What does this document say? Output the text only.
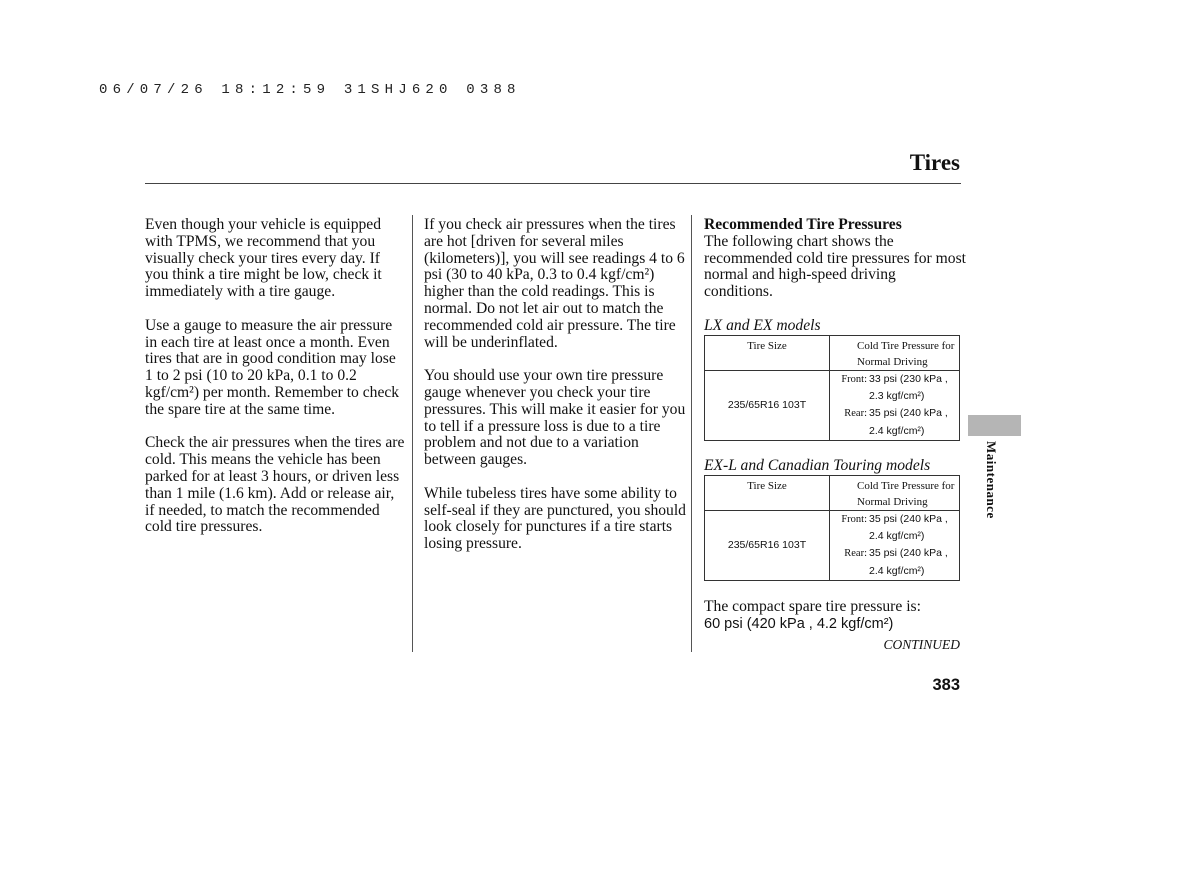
06/07/26 18:12:59 31SHJ620 0388
Tires

Even though your vehicle is equipped with TPMS, we recommend that you visually check your tires every day. If you think a tire might be low, check it immediately with a tire gauge.

Use a gauge to measure the air pressure in each tire at least once a month. Even tires that are in good condition may lose 1 to 2 psi (10 to 20 kPa, 0.1 to 0.2 kgf/cm²) per month. Remember to check the spare tire at the same time.

Check the air pressures when the tires are cold. This means the vehicle has been parked for at least 3 hours, or driven less than 1 mile (1.6 km). Add or release air, if needed, to match the recommended cold tire pressures.

If you check air pressures when the tires are hot [driven for several miles (kilometers)], you will see readings 4 to 6 psi (30 to 40 kPa, 0.3 to 0.4 kgf/cm²) higher than the cold readings. This is normal. Do not let air out to match the recommended cold air pressure. The tire will be underinflated.

You should use your own tire pressure gauge whenever you check your tire pressures. This will make it easier for you to tell if a pressure loss is due to a tire problem and not due to a variation between gauges.

While tubeless tires have some ability to self-seal if they are punctured, you should look closely for punctures if a tire starts losing pressure.

Recommended Tire Pressures

The following chart shows the recommended cold tire pressures for most normal and high-speed driving conditions.

LX and EX models
Tire Size	Cold Tire Pressure for
Normal Driving
235/65R16 103T	Front: 33 psi (230 kPa ,
2.3 kgf/cm²)
Rear: 35 psi (240 kPa ,
2.4 kgf/cm²)
EX-L and Canadian Touring models
Tire Size	Cold Tire Pressure for
Normal Driving
235/65R16 103T	Front: 35 psi (240 kPa ,
2.4 kgf/cm²)
Rear: 35 psi (240 kPa ,
2.4 kgf/cm²)
The compact spare tire pressure is:
60 psi (420 kPa , 4.2 kgf/cm²)
CONTINUED
383
Maintenance
